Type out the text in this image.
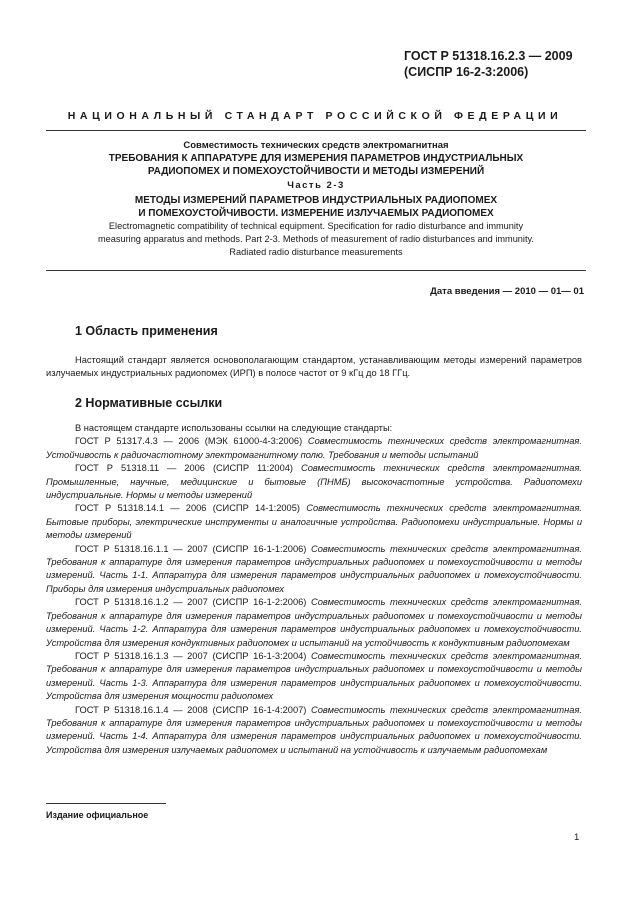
ГОСТ Р 51318.16.2.3 — 2009
(СИСПР 16-2-3:2006)
НАЦИОНАЛЬНЫЙ СТАНДАРТ РОССИЙСКОЙ ФЕДЕРАЦИИ
Совместимость технических средств электромагнитная
ТРЕБОВАНИЯ К АППАРАТУРЕ ДЛЯ ИЗМЕРЕНИЯ ПАРАМЕТРОВ ИНДУСТРИАЛЬНЫХ
РАДИОПОМЕХ И ПОМЕХОУСТОЙЧИВОСТИ И МЕТОДЫ ИЗМЕРЕНИЙ
Часть 2-3
МЕТОДЫ ИЗМЕРЕНИЙ ПАРАМЕТРОВ ИНДУСТРИАЛЬНЫХ РАДИОПОМЕХ
И ПОМЕХОУСТОЙЧИВОСТИ. ИЗМЕРЕНИЕ ИЗЛУЧАЕМЫХ РАДИОПОМЕХ
Electromagnetic compatibility of technical equipment. Specification for radio disturbance and immunity
measuring apparatus and methods. Part 2-3. Methods of measurement of radio disturbances and immunity.
Radiated radio disturbance measurements
Дата введения — 2010 — 01— 01
1 Область применения

Настоящий стандарт является основополагающим стандартом, устанавливающим методы измерений параметров излучаемых индустриальных радиопомех (ИРП) в полосе частот от 9 кГц до 18 ГГц.

2 Нормативные ссылки

В настоящем стандарте использованы ссылки на следующие стандарты:

ГОСТ Р 51317.4.3 — 2006 (МЭК 61000-4-3:2006) Совместимость технических средств электромагнитная. Устойчивость к радиочастотному электромагнитному полю. Требования и методы испытаний

ГОСТ Р 51318.11 — 2006 (СИСПР 11:2004) Совместимость технических средств электромагнитная. Промышленные, научные, медицинские и бытовые (ПНМБ) высокочастотные устройства. Радиопомехи индустриальные. Нормы и методы измерений

ГОСТ Р 51318.14.1 — 2006 (СИСПР 14-1:2005) Совместимость технических средств электромагнитная. Бытовые приборы, электрические инструменты и аналогичные устройства. Радиопомехи индустриальные. Нормы и методы измерений

ГОСТ Р 51318.16.1.1 — 2007 (СИСПР 16-1-1:2006) Совместимость технических средств электромагнитная. Требования к аппаратуре для измерения параметров индустриальных радиопомех и помехоустойчивости и методы измерений. Часть 1-1. Аппаратура для измерения параметров индустриальных радиопомех и помехоустойчивости. Приборы для измерения индустриальных радиопомех

ГОСТ Р 51318.16.1.2 — 2007 (СИСПР 16-1-2:2006) Совместимость технических средств электромагнитная. Требования к аппаратуре для измерения параметров индустриальных радиопомех и помехоустойчивости и методы измерений. Часть 1-2. Аппаратура для измерения параметров индустриальных радиопомех и помехоустойчивости. Устройства для измерения кондуктивных радиопомех и испытаний на устойчивость к кондуктивным радиопомехам

ГОСТ Р 51318.16.1.3 — 2007 (СИСПР 16-1-3:2004) Совместимость технических средств электромагнитная. Требования к аппаратуре для измерения параметров индустриальных радиопомех и помехоустойчивости и методы измерений. Часть 1-3. Аппаратура для измерения параметров индустриальных радиопомех и помехоустойчивости. Устройства для измерения мощности радиопомех

ГОСТ Р 51318.16.1.4 — 2008 (СИСПР 16-1-4:2007) Совместимость технических средств электромагнитная. Требования к аппаратуре для измерения параметров индустриальных радиопомех и помехоустойчивости и методы измерений. Часть 1-4. Аппаратура для измерения параметров индустриальных радиопомех и помехоустойчивости. Устройства для измерения излучаемых радиопомех и испытаний на устойчивость к излучаемым радиопомехам

Издание официальное
1
